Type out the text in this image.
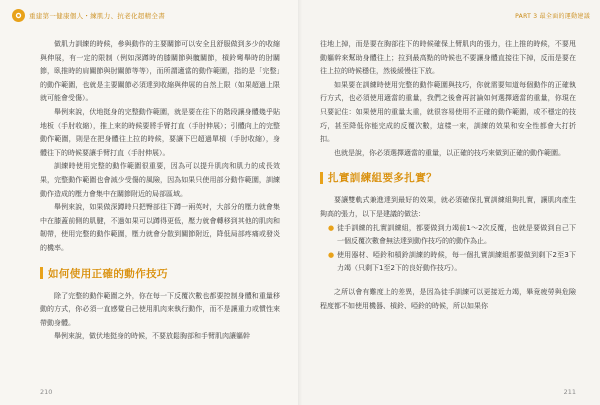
重建第一健康個人・練肌力、抗老化超精全書

做肌力訓練的時候，參與動作的主要關節可以安全且舒服做到多少的收縮與伸展，有一定的限制（例如深蹲時的膝關節與髖關節，槓鈴彎舉時的肘關節，臥推時的肩關節與肘關節等等），而所謂適當的動作範圍，指的是「完整」的動作範圍，也就是主要關節必須達到收縮與伸展的自然上限（如果超過上限就可能會受傷）。

舉例來說，伏地挺身的完整動作範圍，就是要在往下的階段讓身體幾乎貼地板（手肘收縮），推上來的時候要將手臂打直（手肘伸展）；引體向上的完整動作範圍，則是在把身體往上拉的時候，要讓下巴超過單槓（手肘收縮），身體往下的時候要讓手臂打直（手肘伸展）。

訓練時使用完整的動作範圍很重要，因為可以提升肌肉和肌力的成長效果，完整動作範圍也會減少受傷的風險，因為如果只使用部分動作範圍，訓練動作造成的壓力會集中在關節附近的局部區域。

舉例來說，如果做深蹲時只把臀部往下蹲一兩英吋，大部分的壓力就會集中在膝蓋前側的肌腱，不過如果可以蹲得更低，壓力就會轉移到其他的肌肉和韌帶，使用完整的動作範圍，壓力就會分散到關節附近，降低局部疼痛或發炎的機率。

如何使用正確的動作技巧

除了完整的動作範圍之外，你在每一下反覆次數也都要控制身體和重量移動的方式，你必須一直感覺自己使用肌肉來執行動作，而不是讓重力或慣性來帶動身體。

舉例來說，做伏地挺身的時候，不要放鬆胸部和手臂肌肉讓軀幹

210
PART 3 最全面的運動建議

往地上掉，而是要在胸部往下的時候確保上臂肌肉的張力，往上推的時候，不要甩動軀幹來幫助身體往上；拉到最高點的時候也不要讓身體直接往下掉，反而是要在往上拉的時候穩住，然後緩慢往下放。

如果要在訓練時使用完整的動作範圍與技巧，你就需要知道每個動作的正確執行方式，也必須使用適當的重量，我們之後會再討論如何選擇適當的重量，你現在只要記住：如果使用的重量太重，就很容易使用不正確的動作範圍，或不穩定的技巧，甚至降低你能完成的反覆次數，這樣一來，訓練的效果和安全性都會大打折扣。

也就是說，你必須選擇適當的重量，以正確的技巧來做到正確的動作範圍。

扎實訓練組要多扎實？

要讓雙軌式兼進達到最好的效果，就必須確保扎實訓練組夠扎實，讓肌肉產生夠高的張力，以下是建議的做法：

● 徒手訓練的扎實訓練組，都要做到力竭前1～2次反覆，也就是要做到自己下一個反覆次數會無法達到動作技巧的的動作為止。
● 使用器材、啞鈴和槓鈴訓練的時候，每一個扎實訓練組都要做到剩下2至3下力竭（只剩下1至2下的良好動作技巧）。

之所以會有難度上的差異，是因為徒手訓練可以更接近力竭，畢竟疲勞與危險程度都不如使用機器、槓鈴、啞鈴的時候，所以如果你

211
